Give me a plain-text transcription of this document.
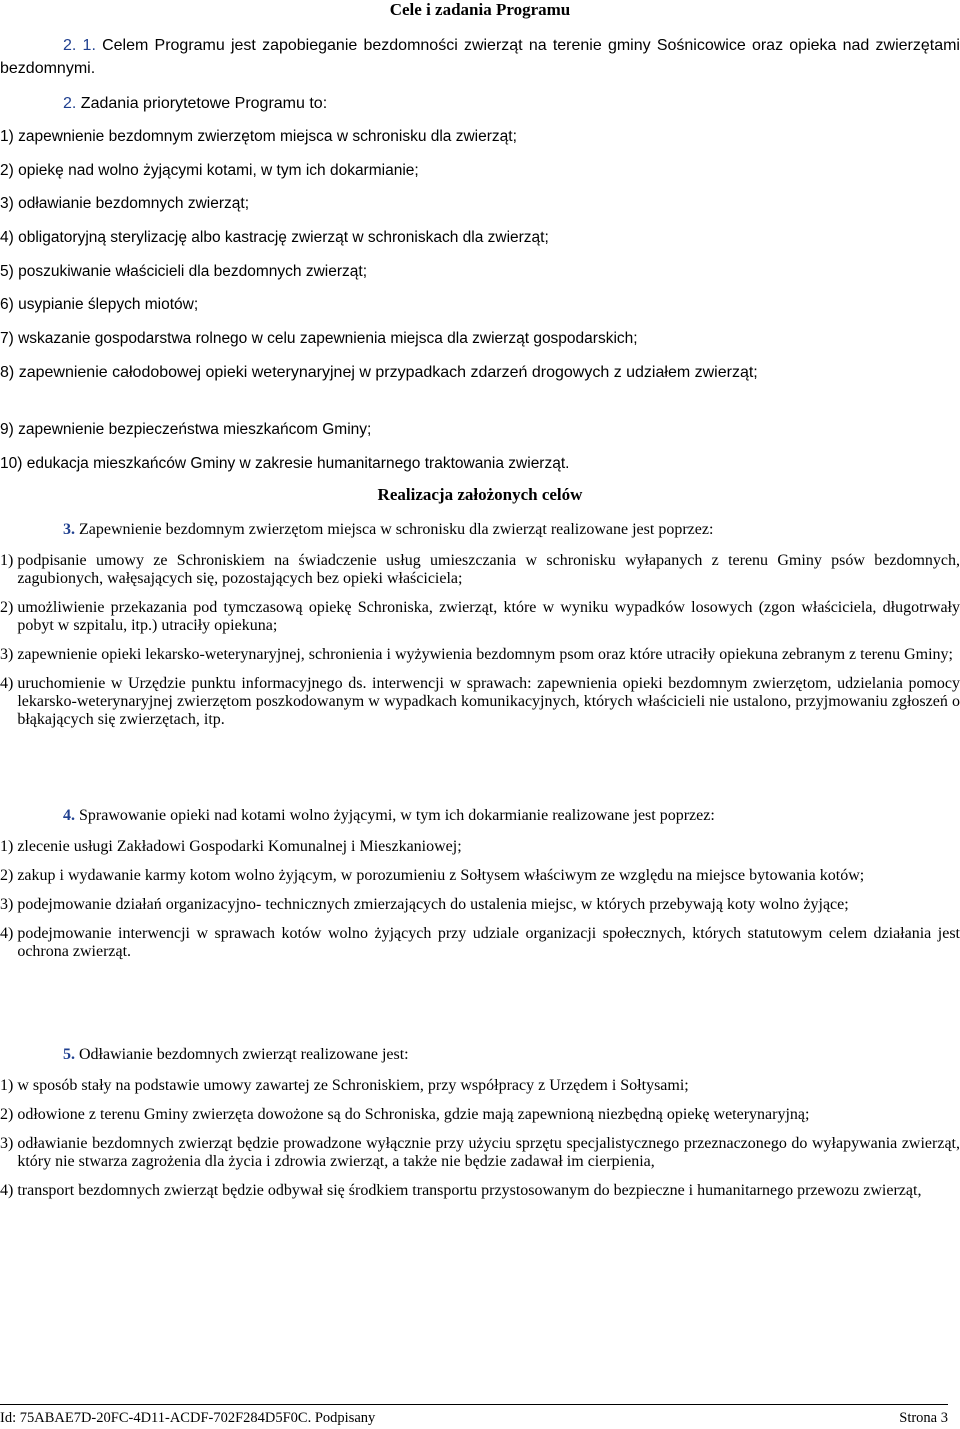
Cele i zadania Programu

2. 1. Celem Programu jest zapobieganie bezdomności zwierząt na terenie gminy Sośnicowice oraz opieka nad zwierzętami bezdomnymi.

2. Zadania priorytetowe Programu to:

1) zapewnienie bezdomnym zwierzętom miejsca w schronisku dla zwierząt;
2) opiekę nad wolno żyjącymi kotami, w tym ich dokarmianie;
3) odławianie bezdomnych zwierząt;
4) obligatoryjną sterylizację albo kastrację zwierząt w schroniskach dla zwierząt;
5) poszukiwanie właścicieli dla bezdomnych zwierząt;
6) usypianie ślepych miotów;
7) wskazanie gospodarstwa rolnego w celu zapewnienia miejsca dla zwierząt gospodarskich;

8) zapewnienie całodobowej opieki weterynaryjnej w przypadkach zdarzeń drogowych z udziałem zwierząt;

9) zapewnienie bezpieczeństwa mieszkańcom Gminy;
10) edukacja mieszkańców Gminy w zakresie humanitarnego traktowania zwierząt.
Realizacja założonych celów

3. Zapewnienie bezdomnym zwierzętom miejsca w schronisku dla zwierząt realizowane jest poprzez:

1) podpisanie umowy ze Schroniskiem na świadczenie usług umieszczania w schronisku wyłapanych z terenu Gminy psów bezdomnych, zagubionych, wałęsających się, pozostających bez opieki właściciela;
2) umożliwienie przekazania pod tymczasową opiekę Schroniska, zwierząt, które w wyniku wypadków losowych (zgon właściciela, długotrwały pobyt w szpitalu, itp.) utraciły opiekuna;
3) zapewnienie opieki lekarsko-weterynaryjnej, schronienia i wyżywienia bezdomnym psom oraz które utraciły opiekuna zebranym z terenu Gminy;
4) uruchomienie w Urzędzie punktu informacyjnego ds. interwencji w sprawach: zapewnienia opieki bezdomnym zwierzętom, udzielania pomocy lekarsko-weterynaryjnej zwierzętom poszkodowanym w wypadkach komunikacyjnych, których właścicieli nie ustalono, przyjmowaniu zgłoszeń o błąkających się zwierzętach, itp.

4. Sprawowanie opieki nad kotami wolno żyjącymi, w tym ich dokarmianie realizowane jest poprzez:

1) zlecenie usługi Zakładowi Gospodarki Komunalnej i Mieszkaniowej;
2) zakup i wydawanie karmy kotom wolno żyjącym, w porozumieniu z Sołtysem właściwym ze względu na miejsce bytowania kotów;
3) podejmowanie działań organizacyjno- technicznych zmierzających do ustalenia miejsc, w których przebywają koty wolno żyjące;
4) podejmowanie interwencji w sprawach kotów wolno żyjących przy udziale organizacji społecznych, których statutowym celem działania jest ochrona zwierząt.

5. Odławianie bezdomnych zwierząt realizowane jest:

1) w sposób stały na podstawie umowy zawartej ze Schroniskiem, przy współpracy z Urzędem i Sołtysami;
2) odłowione z terenu Gminy zwierzęta dowożone są do Schroniska, gdzie mają zapewnioną niezbędną opiekę weterynaryjną;
3) odławianie bezdomnych zwierząt będzie prowadzone wyłącznie przy użyciu sprzętu specjalistycznego przeznaczonego do wyłapywania zwierząt, który nie stwarza zagrożenia dla życia i zdrowia zwierząt, a także nie będzie zadawał im cierpienia,
4) transport bezdomnych zwierząt będzie odbywał się środkiem transportu przystosowanym do bezpieczne i humanitarnego przewozu zwierząt,
Id: 75ABAE7D-20FC-4D11-ACDF-702F284D5F0C. Podpisany	Strona 3
